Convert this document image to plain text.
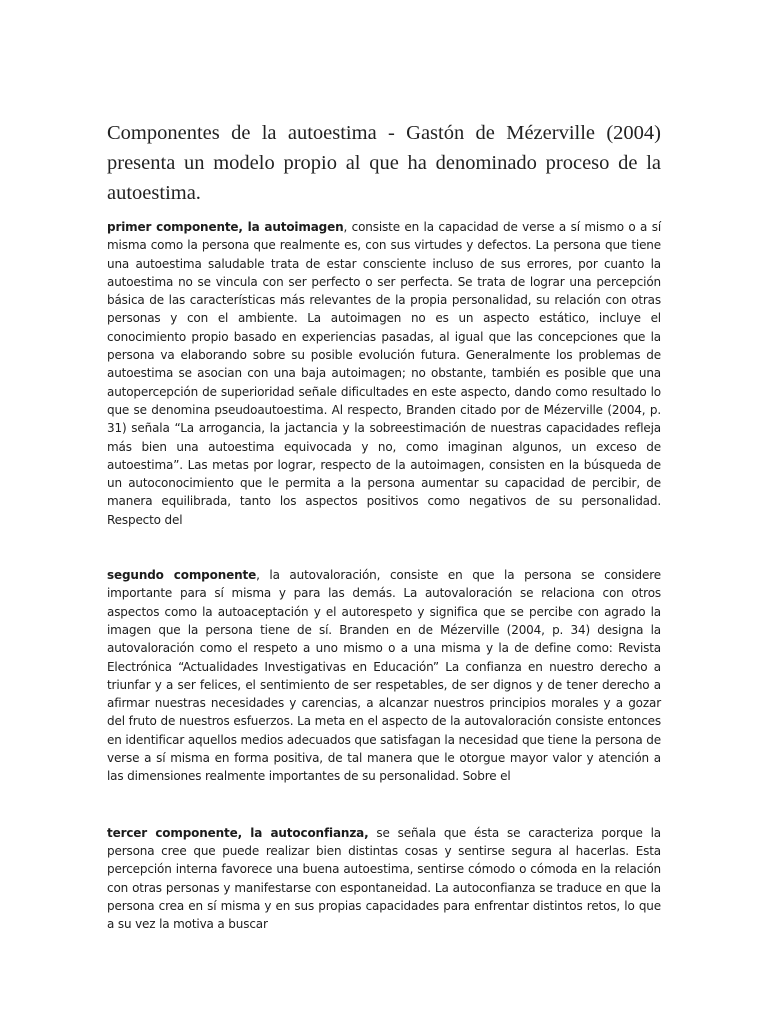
Componentes de la autoestima - Gastón de Mézerville (2004) presenta un modelo propio al que ha denominado proceso de la autoestima.

primer componente, la autoimagen, consiste en la capacidad de verse a sí mismo o a sí misma como la persona que realmente es, con sus virtudes y defectos. La persona que tiene una autoestima saludable trata de estar consciente incluso de sus errores, por cuanto la autoestima no se vincula con ser perfecto o ser perfecta. Se trata de lograr una percepción básica de las características más relevantes de la propia personalidad, su relación con otras personas y con el ambiente. La autoimagen no es un aspecto estático, incluye el conocimiento propio basado en experiencias pasadas, al igual que las concepciones que la persona va elaborando sobre su posible evolución futura. Generalmente los problemas de autoestima se asocian con una baja autoimagen; no obstante, también es posible que una autopercepción de superioridad señale dificultades en este aspecto, dando como resultado lo que se denomina pseudoautoestima. Al respecto, Branden citado por de Mézerville (2004, p. 31) señala “La arrogancia, la jactancia y la sobreestimación de nuestras capacidades refleja más bien una autoestima equivocada y no, como imaginan algunos, un exceso de autoestima”. Las metas por lograr, respecto de la autoimagen, consisten en la búsqueda de un autoconocimiento que le permita a la persona aumentar su capacidad de percibir, de manera equilibrada, tanto los aspectos positivos como negativos de su personalidad. Respecto del

segundo componente, la autovaloración, consiste en que la persona se considere importante para sí misma y para las demás. La autovaloración se relaciona con otros aspectos como la autoaceptación y el autorespeto y significa que se percibe con agrado la imagen que la persona tiene de sí. Branden en de Mézerville (2004, p. 34) designa la autovaloración como el respeto a uno mismo o a una misma y la de define como: Revista Electrónica “Actualidades Investigativas en Educación” La confianza en nuestro derecho a triunfar y a ser felices, el sentimiento de ser respetables, de ser dignos y de tener derecho a afirmar nuestras necesidades y carencias, a alcanzar nuestros principios morales y a gozar del fruto de nuestros esfuerzos. La meta en el aspecto de la autovaloración consiste entonces en identificar aquellos medios adecuados que satisfagan la necesidad que tiene la persona de verse a sí misma en forma positiva, de tal manera que le otorgue mayor valor y atención a las dimensiones realmente importantes de su personalidad. Sobre el

tercer componente, la autoconfianza, se señala que ésta se caracteriza porque la persona cree que puede realizar bien distintas cosas y sentirse segura al hacerlas. Esta percepción interna favorece una buena autoestima, sentirse cómodo o cómoda en la relación con otras personas y manifestarse con espontaneidad. La autoconfianza se traduce en que la persona crea en sí misma y en sus propias capacidades para enfrentar distintos retos, lo que a su vez la motiva a buscar
